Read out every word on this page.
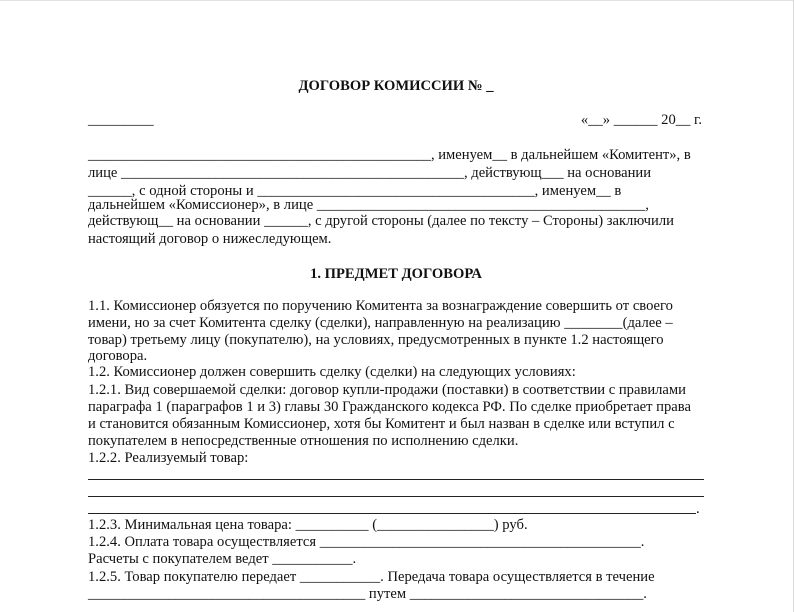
ДОГОВОР КОМИССИИ № _
_________	«__» ______ 20__ г.
_______________________________________________, именуем__ в дальнейшем «Комитент», в
лице _______________________________________________, действующ___ на основании
______, с одной стороны и ______________________________________, именуем__ в
дальнейшем «Комиссионер», в лице _____________________________________________,
действующ__ на основании ______, с другой стороны (далее по тексту – Стороны) заключили
настоящий договор о нижеследующем.
1. ПРЕДМЕТ ДОГОВОРА
1.1. Комиссионер обязуется по поручению Комитента за вознаграждение совершить от своего
имени, но за счет Комитента сделку (сделки), направленную на реализацию ________(далее –
товар) третьему лицу (покупателю), на условиях, предусмотренных в пункте 1.2 настоящего
договора.
1.2. Комиссионер должен совершить сделку (сделки) на следующих условиях:
1.2.1. Вид совершаемой сделки: договор купли-продажи (поставки) в соответствии с правилами
параграфа 1 (параграфов 1 и 3) главы 30 Гражданского кодекса РФ. По сделке приобретает права
и становится обязанным Комиссионер, хотя бы Комитент и был назван в сделке или вступил с
покупателем в непосредственные отношения по исполнению сделки.
1.2.2. Реализуемый товар:
.
1.2.3. Минимальная цена товара: __________ (________________) руб.
1.2.4. Оплата товара осуществляется ____________________________________________.
Расчеты с покупателем ведет ___________.
1.2.5. Товар покупателю передает ___________. Передача товара осуществляется в течение
______________________________________ путем ________________________________.
